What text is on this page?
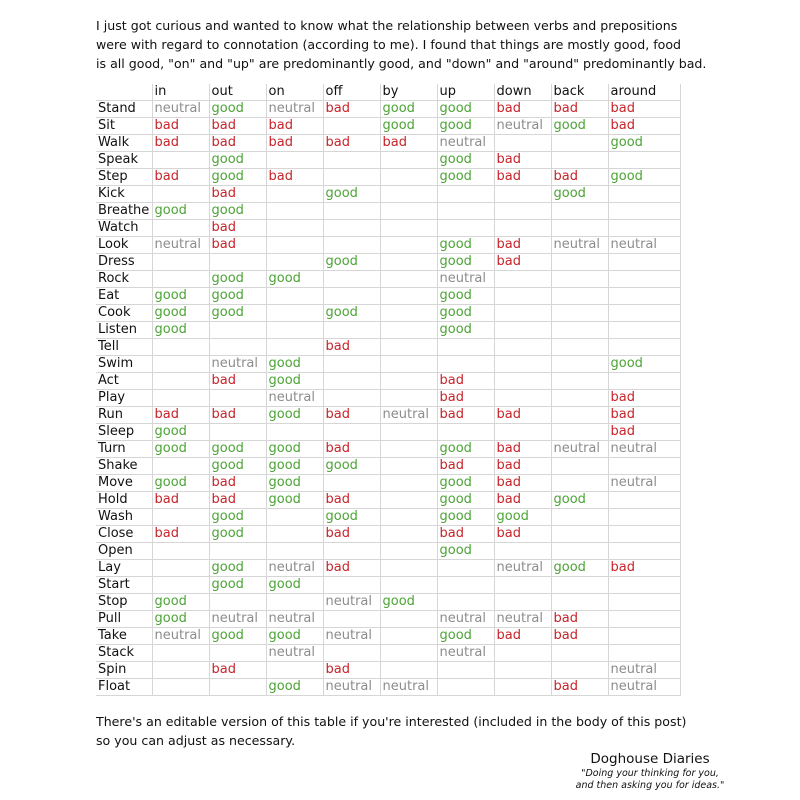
I just got curious and wanted to know what the relationship between verbs and prepositions
were with regard to connotation (according to me). I found that things are mostly good, food
is all good, "on" and "up" are predominantly good, and "down" and "around" predominantly bad.
	in	out	on	off	by	up	down	back	around
Stand	neutral	good	neutral	bad	good	good	bad	bad	bad
Sit	bad	bad	bad		good	good	neutral	good	bad
Walk	bad	bad	bad	bad	bad	neutral			good
Speak		good				good	bad		
Step	bad	good	bad			good	bad	bad	good
Kick		bad		good				good	
Breathe	good	good							
Watch		bad							
Look	neutral	bad				good	bad	neutral	neutral
Dress				good		good	bad		
Rock		good	good			neutral			
Eat	good	good				good			
Cook	good	good		good		good			
Listen	good					good			
Tell				bad					
Swim		neutral	good						good
Act		bad	good			bad			
Play			neutral			bad			bad
Run	bad	bad	good	bad	neutral	bad	bad		bad
Sleep	good								bad
Turn	good	good	good	bad		good	bad	neutral	neutral
Shake		good	good	good		bad	bad		
Move	good	bad	good			good	bad		neutral
Hold	bad	bad	good	bad		good	bad	good	
Wash		good		good		good	good		
Close	bad	good		bad		bad	bad		
Open						good			
Lay		good	neutral	bad			neutral	good	bad
Start		good	good						
Stop	good			neutral	good				
Pull	good	neutral	neutral			neutral	neutral	bad	
Take	neutral	good	good	neutral		good	bad	bad	
Stack			neutral			neutral			
Spin		bad		bad					neutral
Float			good	neutral	neutral			bad	neutral
There's an editable version of this table if you're interested (included in the body of this post)
so you can adjust as necessary.
Doghouse Diaries
"Doing your thinking for you,
and then asking you for ideas."
